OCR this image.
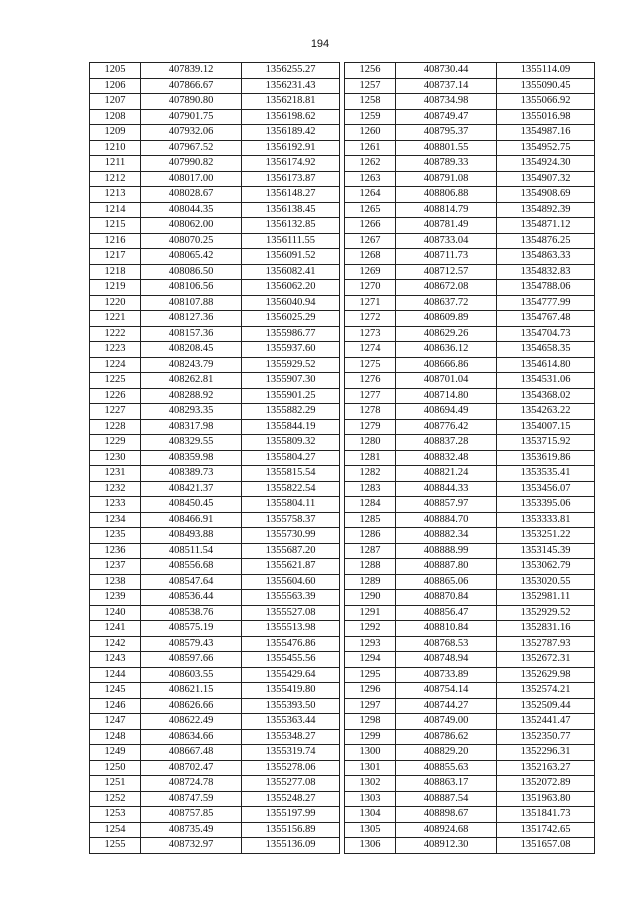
194
1205	407839.12	1356255.27
1206	407866.67	1356231.43
1207	407890.80	1356218.81
1208	407901.75	1356198.62
1209	407932.06	1356189.42
1210	407967.52	1356192.91
1211	407990.82	1356174.92
1212	408017.00	1356173.87
1213	408028.67	1356148.27
1214	408044.35	1356138.45
1215	408062.00	1356132.85
1216	408070.25	1356111.55
1217	408065.42	1356091.52
1218	408086.50	1356082.41
1219	408106.56	1356062.20
1220	408107.88	1356040.94
1221	408127.36	1356025.29
1222	408157.36	1355986.77
1223	408208.45	1355937.60
1224	408243.79	1355929.52
1225	408262.81	1355907.30
1226	408288.92	1355901.25
1227	408293.35	1355882.29
1228	408317.98	1355844.19
1229	408329.55	1355809.32
1230	408359.98	1355804.27
1231	408389.73	1355815.54
1232	408421.37	1355822.54
1233	408450.45	1355804.11
1234	408466.91	1355758.37
1235	408493.88	1355730.99
1236	408511.54	1355687.20
1237	408556.68	1355621.87
1238	408547.64	1355604.60
1239	408536.44	1355563.39
1240	408538.76	1355527.08
1241	408575.19	1355513.98
1242	408579.43	1355476.86
1243	408597.66	1355455.56
1244	408603.55	1355429.64
1245	408621.15	1355419.80
1246	408626.66	1355393.50
1247	408622.49	1355363.44
1248	408634.66	1355348.27
1249	408667.48	1355319.74
1250	408702.47	1355278.06
1251	408724.78	1355277.08
1252	408747.59	1355248.27
1253	408757.85	1355197.99
1254	408735.49	1355156.89
1255	408732.97	1355136.09
1256	408730.44	1355114.09
1257	408737.14	1355090.45
1258	408734.98	1355066.92
1259	408749.47	1355016.98
1260	408795.37	1354987.16
1261	408801.55	1354952.75
1262	408789.33	1354924.30
1263	408791.08	1354907.32
1264	408806.88	1354908.69
1265	408814.79	1354892.39
1266	408781.49	1354871.12
1267	408733.04	1354876.25
1268	408711.73	1354863.33
1269	408712.57	1354832.83
1270	408672.08	1354788.06
1271	408637.72	1354777.99
1272	408609.89	1354767.48
1273	408629.26	1354704.73
1274	408636.12	1354658.35
1275	408666.86	1354614.80
1276	408701.04	1354531.06
1277	408714.80	1354368.02
1278	408694.49	1354263.22
1279	408776.42	1354007.15
1280	408837.28	1353715.92
1281	408832.48	1353619.86
1282	408821.24	1353535.41
1283	408844.33	1353456.07
1284	408857.97	1353395.06
1285	408884.70	1353333.81
1286	408882.34	1353251.22
1287	408888.99	1353145.39
1288	408887.80	1353062.79
1289	408865.06	1353020.55
1290	408870.84	1352981.11
1291	408856.47	1352929.52
1292	408810.84	1352831.16
1293	408768.53	1352787.93
1294	408748.94	1352672.31
1295	408733.89	1352629.98
1296	408754.14	1352574.21
1297	408744.27	1352509.44
1298	408749.00	1352441.47
1299	408786.62	1352350.77
1300	408829.20	1352296.31
1301	408855.63	1352163.27
1302	408863.17	1352072.89
1303	408887.54	1351963.80
1304	408898.67	1351841.73
1305	408924.68	1351742.65
1306	408912.30	1351657.08
